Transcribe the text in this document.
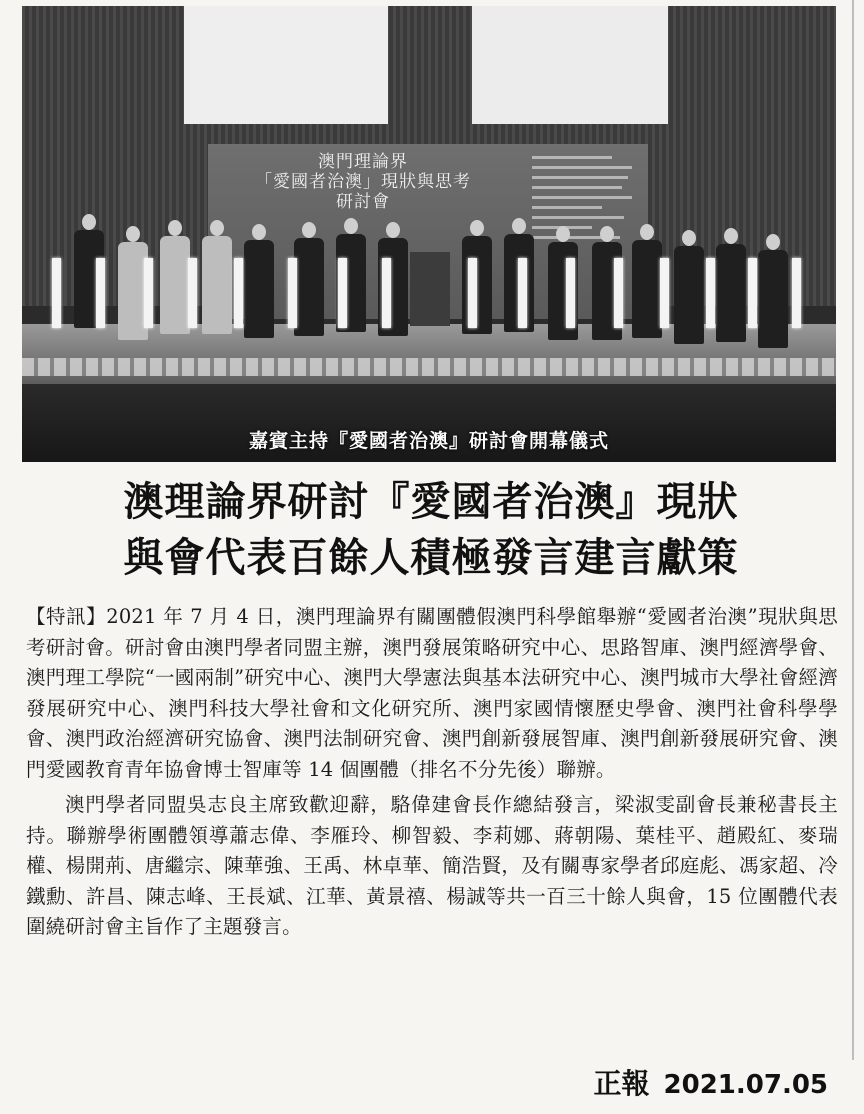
澳門理論界
「愛國者治澳」現狀與思考
研討會
嘉賓主持『愛國者治澳』研討會開幕儀式
澳理論界研討『愛國者治澳』現狀
與會代表百餘人積極發言建言獻策

【特訊】2021 年 7 月 4 日，澳門理論界有關團體假澳門科學館舉辦“愛國者治澳”現狀與思考研討會。研討會由澳門學者同盟主辦，澳門發展策略研究中心、思路智庫、澳門經濟學會、澳門理工學院“一國兩制”研究中心、澳門大學憲法與基本法研究中心、澳門城市大學社會經濟發展研究中心、澳門科技大學社會和文化研究所、澳門家國情懷歷史學會、澳門社會科學學會、澳門政治經濟研究協會、澳門法制研究會、澳門創新發展智庫、澳門創新發展研究會、澳門愛國教育青年協會博士智庫等 14 個團體（排名不分先後）聯辦。

澳門學者同盟吳志良主席致歡迎辭，駱偉建會長作總結發言，梁淑雯副會長兼秘書長主持。聯辦學術團體領導蕭志偉、李雁玲、柳智毅、李莉娜、蔣朝陽、葉桂平、趙殿紅、麥瑞權、楊開荊、唐繼宗、陳華強、王禹、林卓華、簡浩賢，及有關專家學者邱庭彪、馮家超、冷鐵勳、許昌、陳志峰、王長斌、江華、黃景禧、楊誠等共一百三十餘人與會，15 位團體代表圍繞研討會主旨作了主題發言。

正報 2021.07.05
